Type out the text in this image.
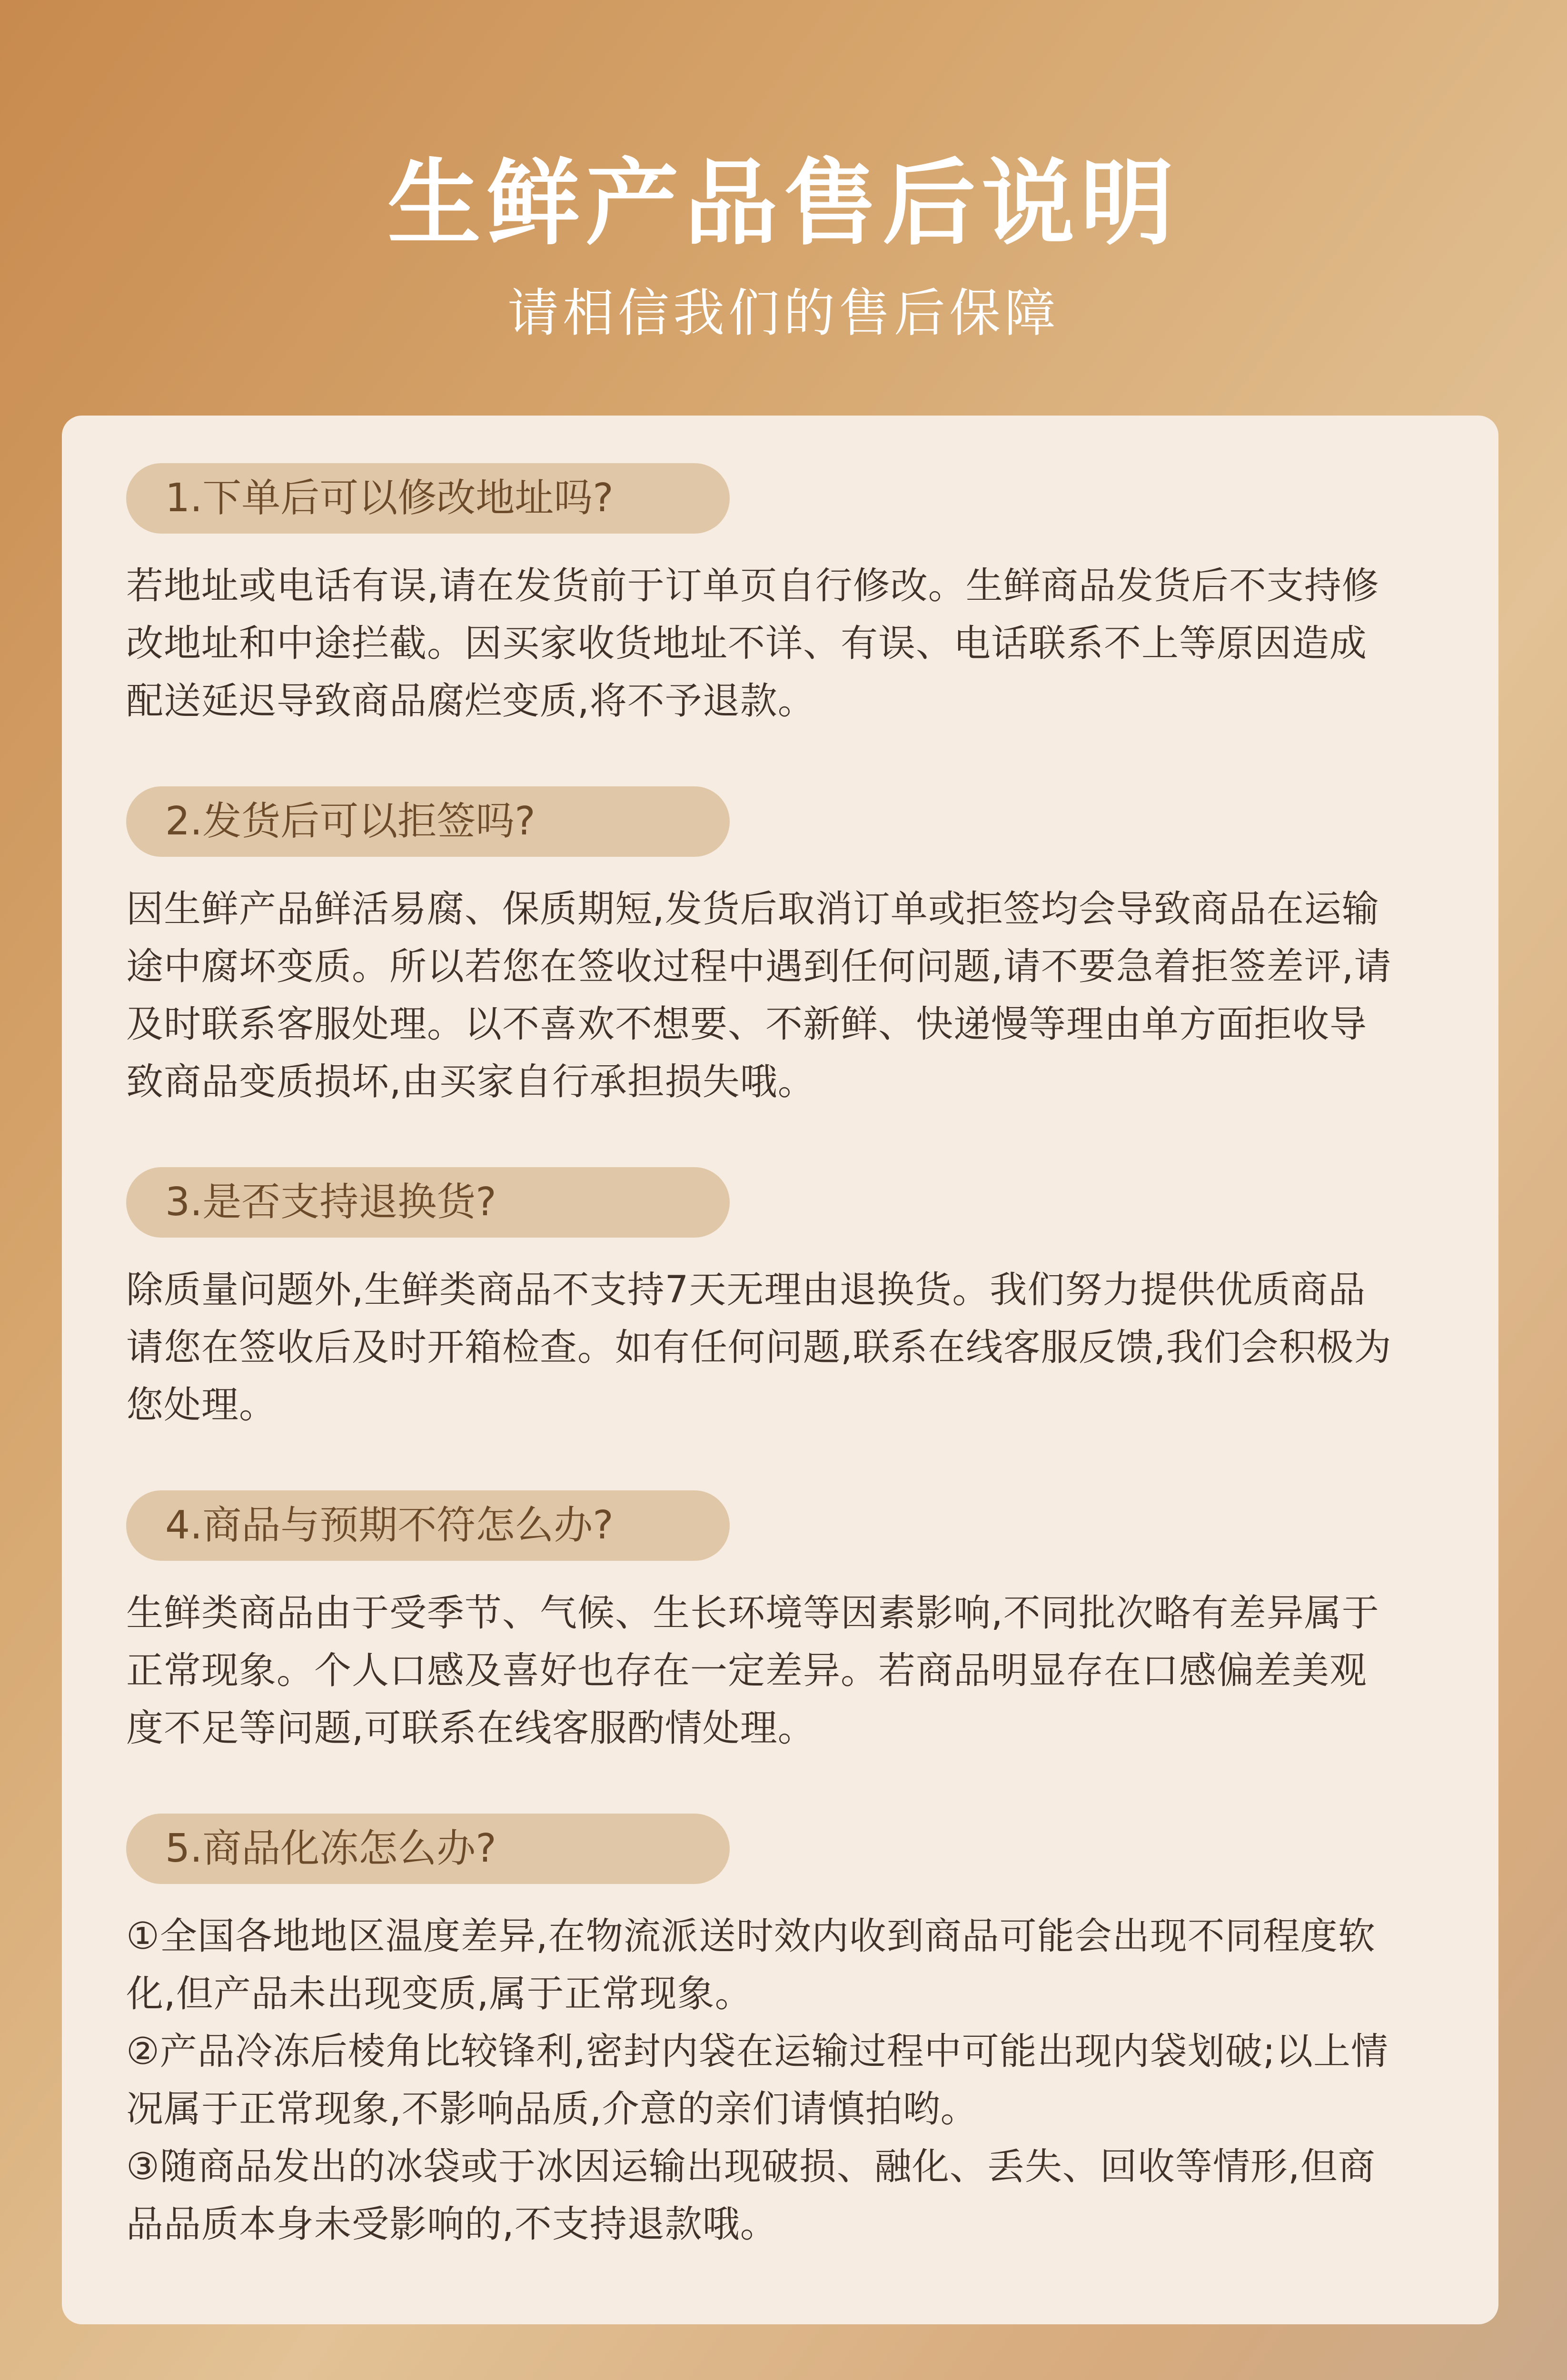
生鲜产品售后说明
请相信我们的售后保障
1.下单后可以修改地址吗?

若地址或电话有误,请在发货前于订单页自行修改。生鲜商品发货后不支持修改地址和中途拦截。因买家收货地址不详、有误、电话联系不上等原因造成配送延迟导致商品腐烂变质,将不予退款。

2.发货后可以拒签吗?

因生鲜产品鲜活易腐、保质期短,发货后取消订单或拒签均会导致商品在运输途中腐坏变质。所以若您在签收过程中遇到任何问题,请不要急着拒签差评,请及时联系客服处理。以不喜欢不想要、不新鲜、快递慢等理由单方面拒收导致商品变质损坏,由买家自行承担损失哦。

3.是否支持退换货?

除质量问题外,生鲜类商品不支持7天无理由退换货。我们努力提供优质商品请您在签收后及时开箱检查。如有任何问题,联系在线客服反馈,我们会积极为您处理。

4.商品与预期不符怎么办?

生鲜类商品由于受季节、气候、生长环境等因素影响,不同批次略有差异属于正常现象。个人口感及喜好也存在一定差异。若商品明显存在口感偏差美观度不足等问题,可联系在线客服酌情处理。

5.商品化冻怎么办?

①全国各地地区温度差异,在物流派送时效内收到商品可能会出现不同程度软化,但产品未出现变质,属于正常现象。

②产品冷冻后棱角比较锋利,密封内袋在运输过程中可能出现内袋划破;以上情况属于正常现象,不影响品质,介意的亲们请慎拍哟。

③随商品发出的冰袋或于冰因运输出现破损、融化、丢失、回收等情形,但商品品质本身未受影响的,不支持退款哦。
